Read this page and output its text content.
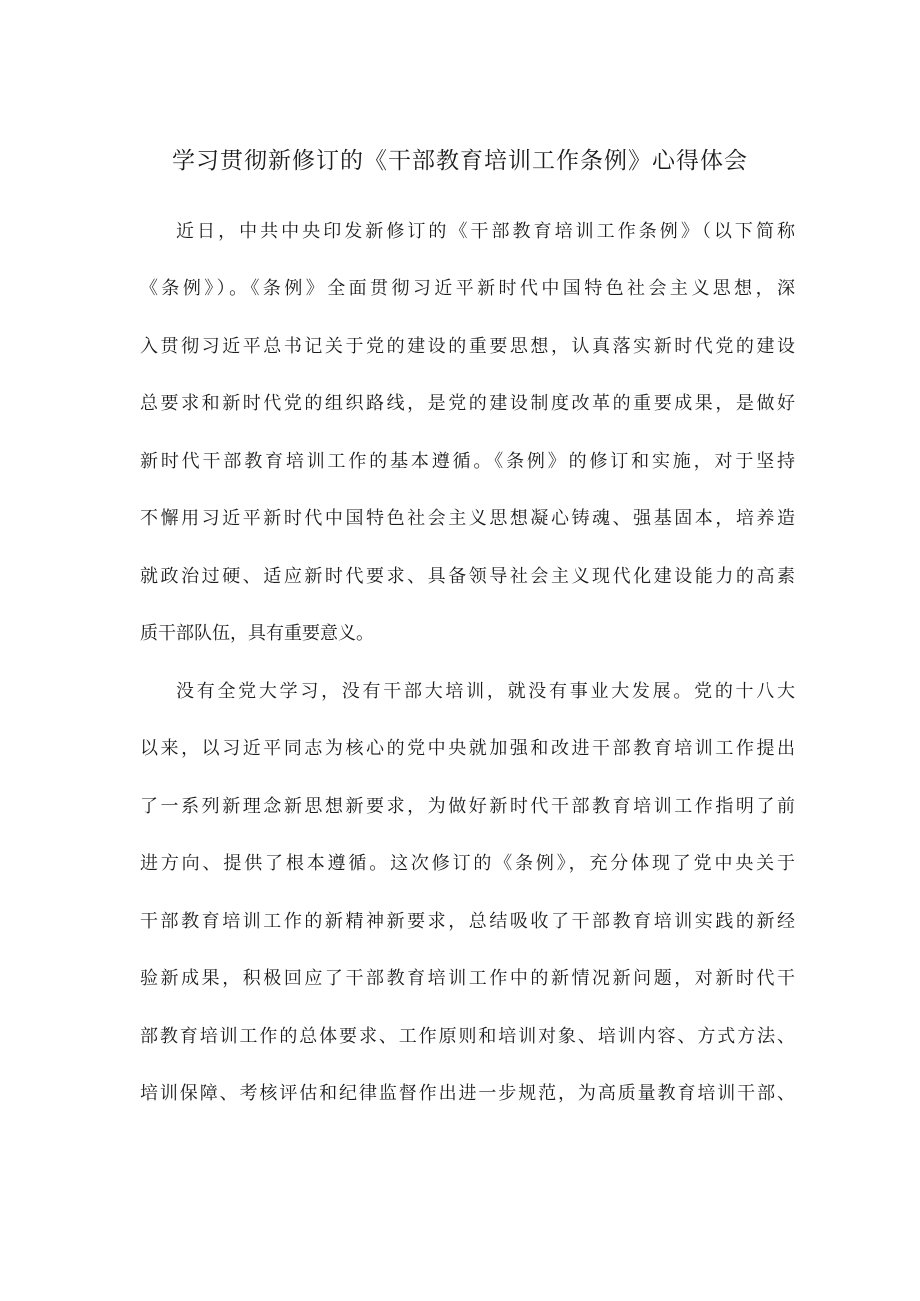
学习贯彻新修订的《干部教育培训工作条例》心得体会
近日，中共中央印发新修订的《干部教育培训工作条例》（以下简称
《条例》）。《条例》全面贯彻习近平新时代中国特色社会主义思想，深
入贯彻习近平总书记关于党的建设的重要思想，认真落实新时代党的建设
总要求和新时代党的组织路线，是党的建设制度改革的重要成果，是做好
新时代干部教育培训工作的基本遵循。《条例》的修订和实施，对于坚持
不懈用习近平新时代中国特色社会主义思想凝心铸魂、强基固本，培养造
就政治过硬、适应新时代要求、具备领导社会主义现代化建设能力的高素
质干部队伍，具有重要意义。
没有全党大学习，没有干部大培训，就没有事业大发展。党的十八大
以来，以习近平同志为核心的党中央就加强和改进干部教育培训工作提出
了一系列新理念新思想新要求，为做好新时代干部教育培训工作指明了前
进方向、提供了根本遵循。这次修订的《条例》，充分体现了党中央关于
干部教育培训工作的新精神新要求，总结吸收了干部教育培训实践的新经
验新成果，积极回应了干部教育培训工作中的新情况新问题，对新时代干
部教育培训工作的总体要求、工作原则和培训对象、培训内容、方式方法、
培训保障、考核评估和纪律监督作出进一步规范，为高质量教育培训干部、
